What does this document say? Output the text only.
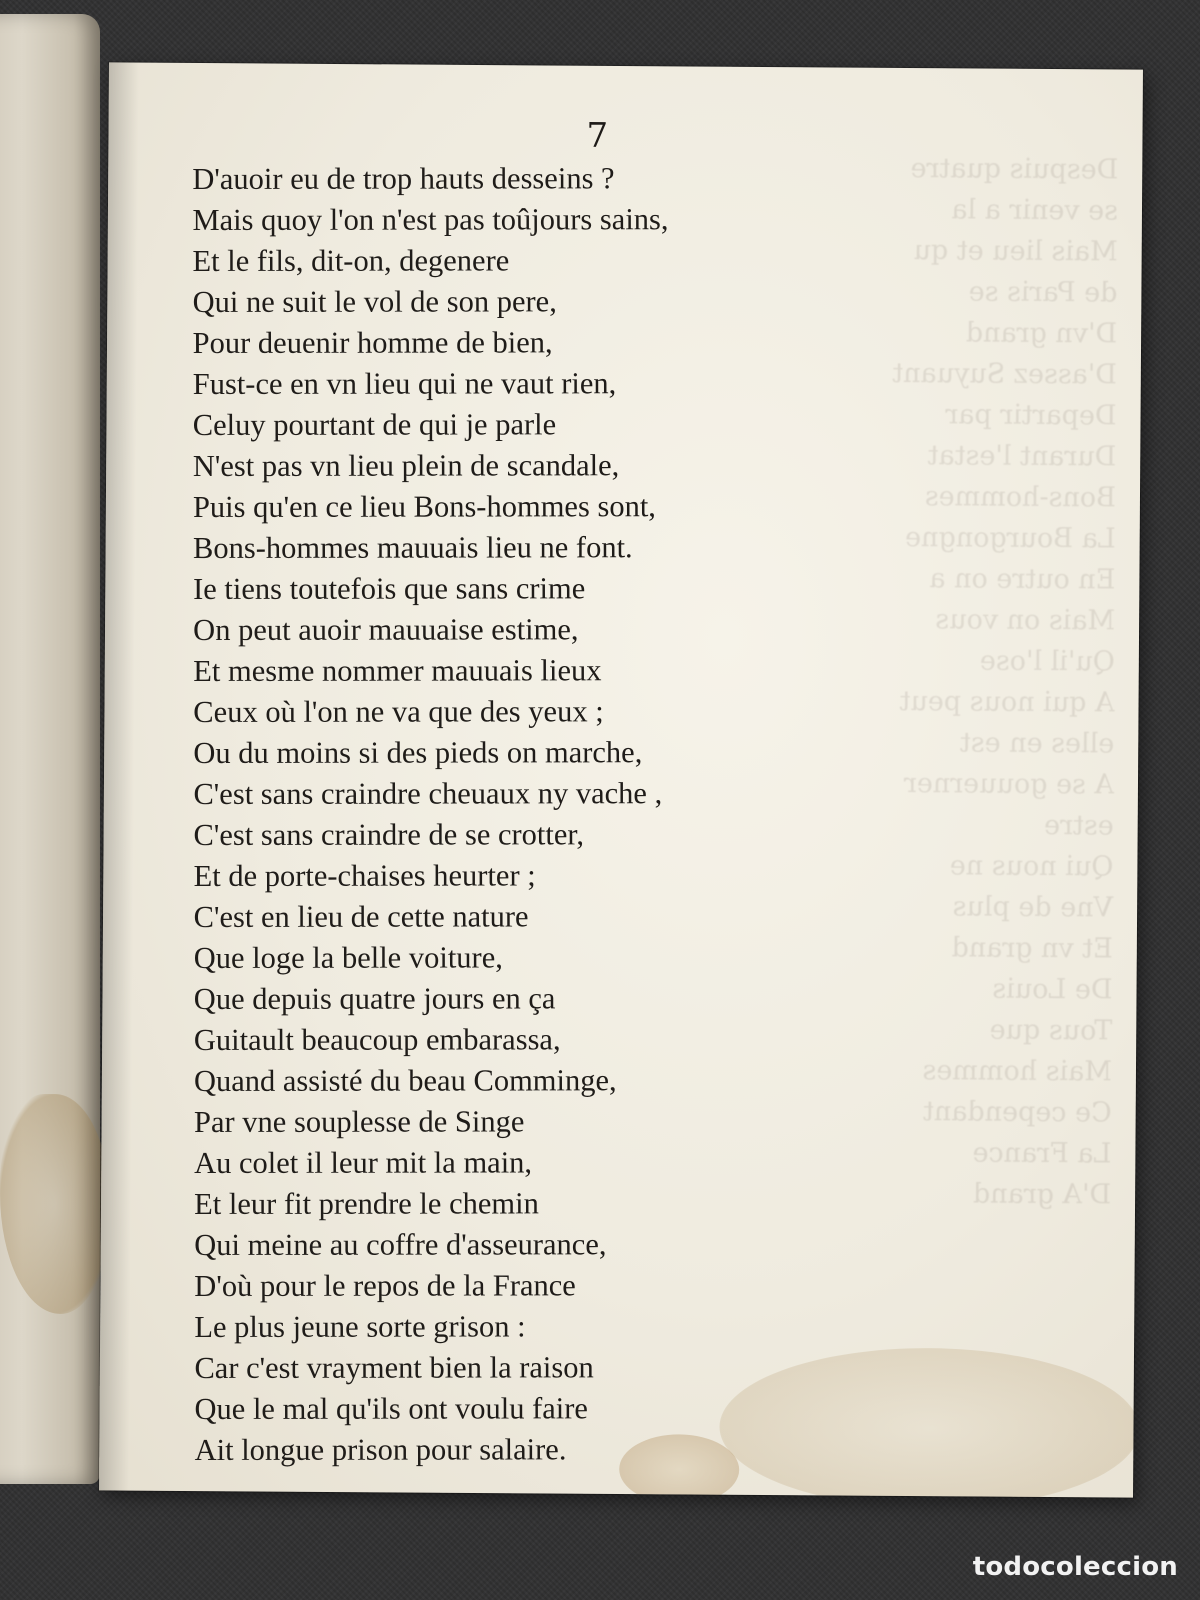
Despuis quatre
se venir a la
Mais lieu et qu
de Paris se
D'vn grand
D'assez Suyuant
Departir par
Durant l'estat
Bons-hommes
La Bourgongne
En outre on a
Mais on vous
Qu'il l'ose
A qui nous peut
elles en est
A se gouuerner
estre
Qui nous ne
Vne de plus
Et vn grand
De Louis
Tous que
Mais hommes
Ce cependant
La France
D'A grand
7
D'auoir eu de trop hauts desseins ?
Mais quoy l'on n'est pas toûjours sains,
Et le fils, dit-on, degenere
Qui ne suit le vol de son pere,
Pour deuenir homme de bien,
Fust-ce en vn lieu qui ne vaut rien,
Celuy pourtant de qui je parle
N'est pas vn lieu plein de scandale,
Puis qu'en ce lieu Bons-hommes sont,
Bons-hommes mauuais lieu ne font.
Ie tiens toutefois que sans crime
On peut auoir mauuaise estime,
Et mesme nommer mauuais lieux
Ceux où l'on ne va que des yeux ;
Ou du moins si des pieds on marche,
C'est sans craindre cheuaux ny vache ,
C'est sans craindre de se crotter,
Et de porte-chaises heurter ;
C'est en lieu de cette nature
Que loge la belle voiture,
Que depuis quatre jours en ça
Guitault beaucoup embarassa,
Quand assisté du beau Comminge,
Par vne souplesse de Singe
Au colet il leur mit la main,
Et leur fit prendre le chemin
Qui meine au coffre d'asseurance,
D'où pour le repos de la France
Le plus jeune sorte grison :
Car c'est vrayment bien la raison
Que le mal qu'ils ont voulu faire
Ait longue prison pour salaire.
todocoleccion
